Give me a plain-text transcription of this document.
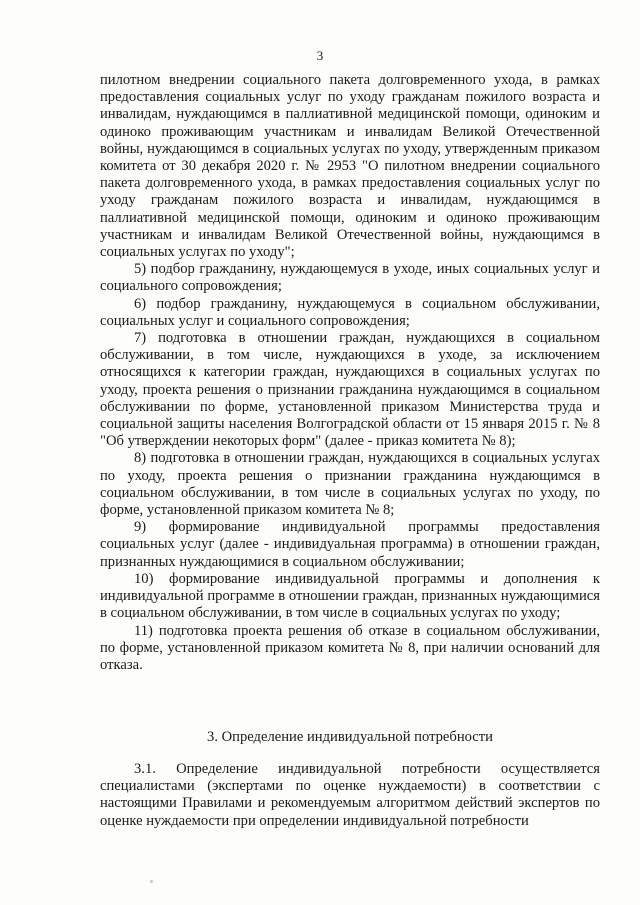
3

пилотном внедрении социального пакета долговременного ухода, в рамках предоставления социальных услуг по уходу гражданам пожилого возраста и инвалидам, нуждающимся в паллиативной медицинской помощи, одиноким и одиноко проживающим участникам и инвалидам Великой Отечественной войны, нуждающимся в социальных услугах по уходу, утвержденным приказом комитета от 30 декабря 2020 г. № 2953 "О пилотном внедрении социального пакета долговременного ухода, в рамках предоставления социальных услуг по уходу гражданам пожилого возраста и инвалидам, нуждающимся в паллиативной медицинской помощи, одиноким и одиноко проживающим участникам и инвалидам Великой Отечественной войны, нуждающимся в социальных услугах по уходу";

5) подбор гражданину, нуждающемуся в уходе, иных социальных услуг и социального сопровождения;

6) подбор гражданину, нуждающемуся в социальном обслуживании, социальных услуг и социального сопровождения;

7) подготовка в отношении граждан, нуждающихся в социальном обслуживании, в том числе, нуждающихся в уходе, за исключением относящихся к категории граждан, нуждающихся в социальных услугах по уходу, проекта решения о признании гражданина нуждающимся в социальном обслуживании по форме, установленной приказом Министерства труда и социальной защиты населения Волгоградской области от 15 января 2015 г. № 8 "Об утверждении некоторых форм" (далее - приказ комитета № 8);

8) подготовка в отношении граждан, нуждающихся в социальных услугах по уходу, проекта решения о признании гражданина нуждающимся в социальном обслуживании, в том числе в социальных услугах по уходу, по форме, установленной приказом комитета № 8;

9) формирование индивидуальной программы предоставления социальных услуг (далее - индивидуальная программа) в отношении граждан, признанных нуждающимися в социальном обслуживании;

10) формирование индивидуальной программы и дополнения к индивидуальной программе в отношении граждан, признанных нуждающимися в социальном обслуживании, в том числе в социальных услугах по уходу;

11) подготовка проекта решения об отказе в социальном обслуживании, по форме, установленной приказом комитета № 8, при наличии оснований для отказа.

3. Определение индивидуальной потребности

3.1. Определение индивидуальной потребности осуществляется специалистами (экспертами по оценке нуждаемости) в соответствии с настоящими Правилами и рекомендуемым алгоритмом действий экспертов по оценке нуждаемости при определении индивидуальной потребности
